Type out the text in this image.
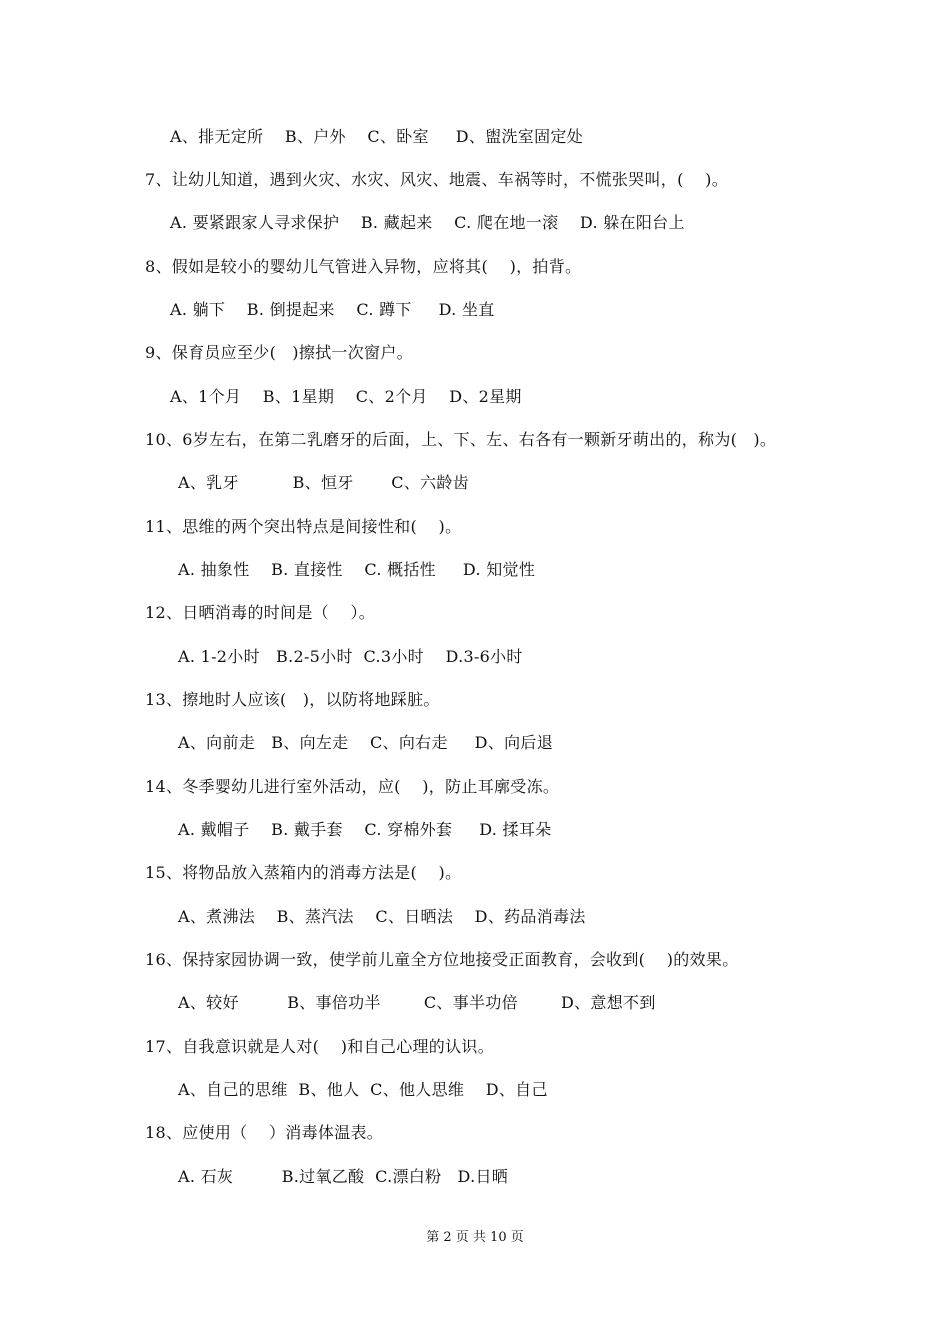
A、排无定所    B、户外    C、卧室     D、盥洗室固定处
7、让幼儿知道，遇到火灾、水灾、风灾、地震、车祸等时，不慌张哭叫，(    )。
A. 要紧跟家人寻求保护    B. 藏起来    C. 爬在地一滚    D. 躲在阳台上
8、假如是较小的婴幼儿气管进入异物，应将其(    )，拍背。
A. 躺下    B. 倒提起来    C. 蹲下     D. 坐直
9、保育员应至少(   )擦拭一次窗户。
A、1个月    B、1星期    C、2个月    D、2星期
10、6岁左右，在第二乳磨牙的后面，上、下、左、右各有一颗新牙萌出的，称为(   )。
A、乳牙          B、恒牙       C、六龄齿
11、思维的两个突出特点是间接性和(    )。
A. 抽象性    B. 直接性    C. 概括性     D. 知觉性
12、日晒消毒的时间是（    ）。
A. 1-2小时   B.2-5小时  C.3小时    D.3-6小时
13、擦地时人应该(   )，以防将地踩脏。
A、向前走   B、向左走    C、向右走     D、向后退
14、冬季婴幼儿进行室外活动，应(    )，防止耳廓受冻。
A. 戴帽子    B. 戴手套    C. 穿棉外套     D. 揉耳朵
15、将物品放入蒸箱内的消毒方法是(    )。
A、煮沸法    B、蒸汽法    C、日晒法    D、药品消毒法
16、保持家园协调一致，使学前儿童全方位地接受正面教育，会收到(    )的效果。
A、较好         B、事倍功半        C、事半功倍        D、意想不到
17、自我意识就是人对(    )和自己心理的认识。
A、自己的思维  B、他人  C、他人思维    D、自己
18、应使用（    ）消毒体温表。
A. 石灰         B.过氧乙酸  C.漂白粉   D.日晒
第 2 页 共 10 页
